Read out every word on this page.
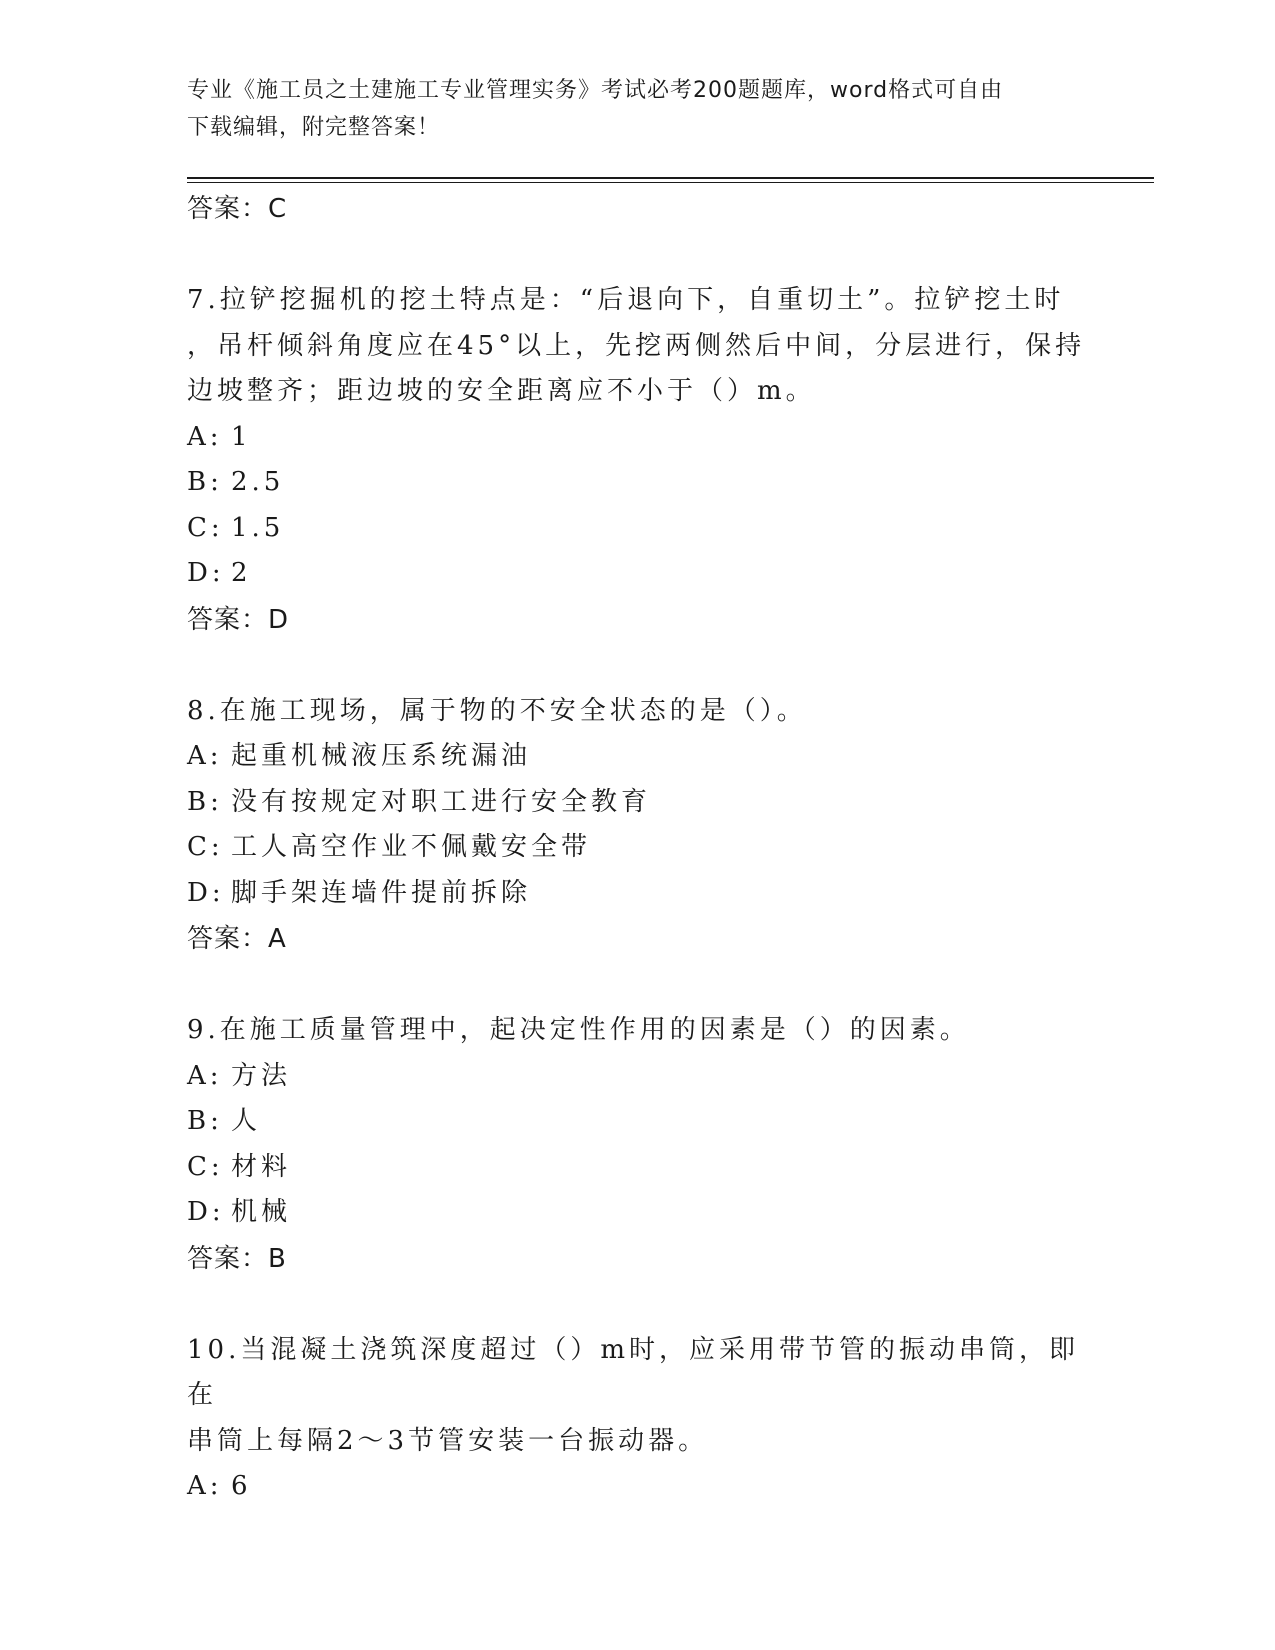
专业《施工员之土建施工专业管理实务》考试必考200题题库，word格式可自由
下载编辑，附完整答案！
答案：C
7.拉铲挖掘机的挖土特点是：“后退向下，自重切土”。拉铲挖土时
，吊杆倾斜角度应在45°以上，先挖两侧然后中间，分层进行，保持
边坡整齐；距边坡的安全距离应不小于（）m。
A: 1
B: 2.5
C: 1.5
D: 2
答案：D
8.在施工现场，属于物的不安全状态的是（）。
A: 起重机械液压系统漏油
B: 没有按规定对职工进行安全教育
C: 工人高空作业不佩戴安全带
D: 脚手架连墙件提前拆除
答案：A
9.在施工质量管理中，起决定性作用的因素是（）的因素。
A: 方法
B: 人
C: 材料
D: 机械
答案：B
10.当混凝土浇筑深度超过（）m时，应采用带节管的振动串筒，即在
串筒上每隔2～3节管安装一台振动器。
A: 6
